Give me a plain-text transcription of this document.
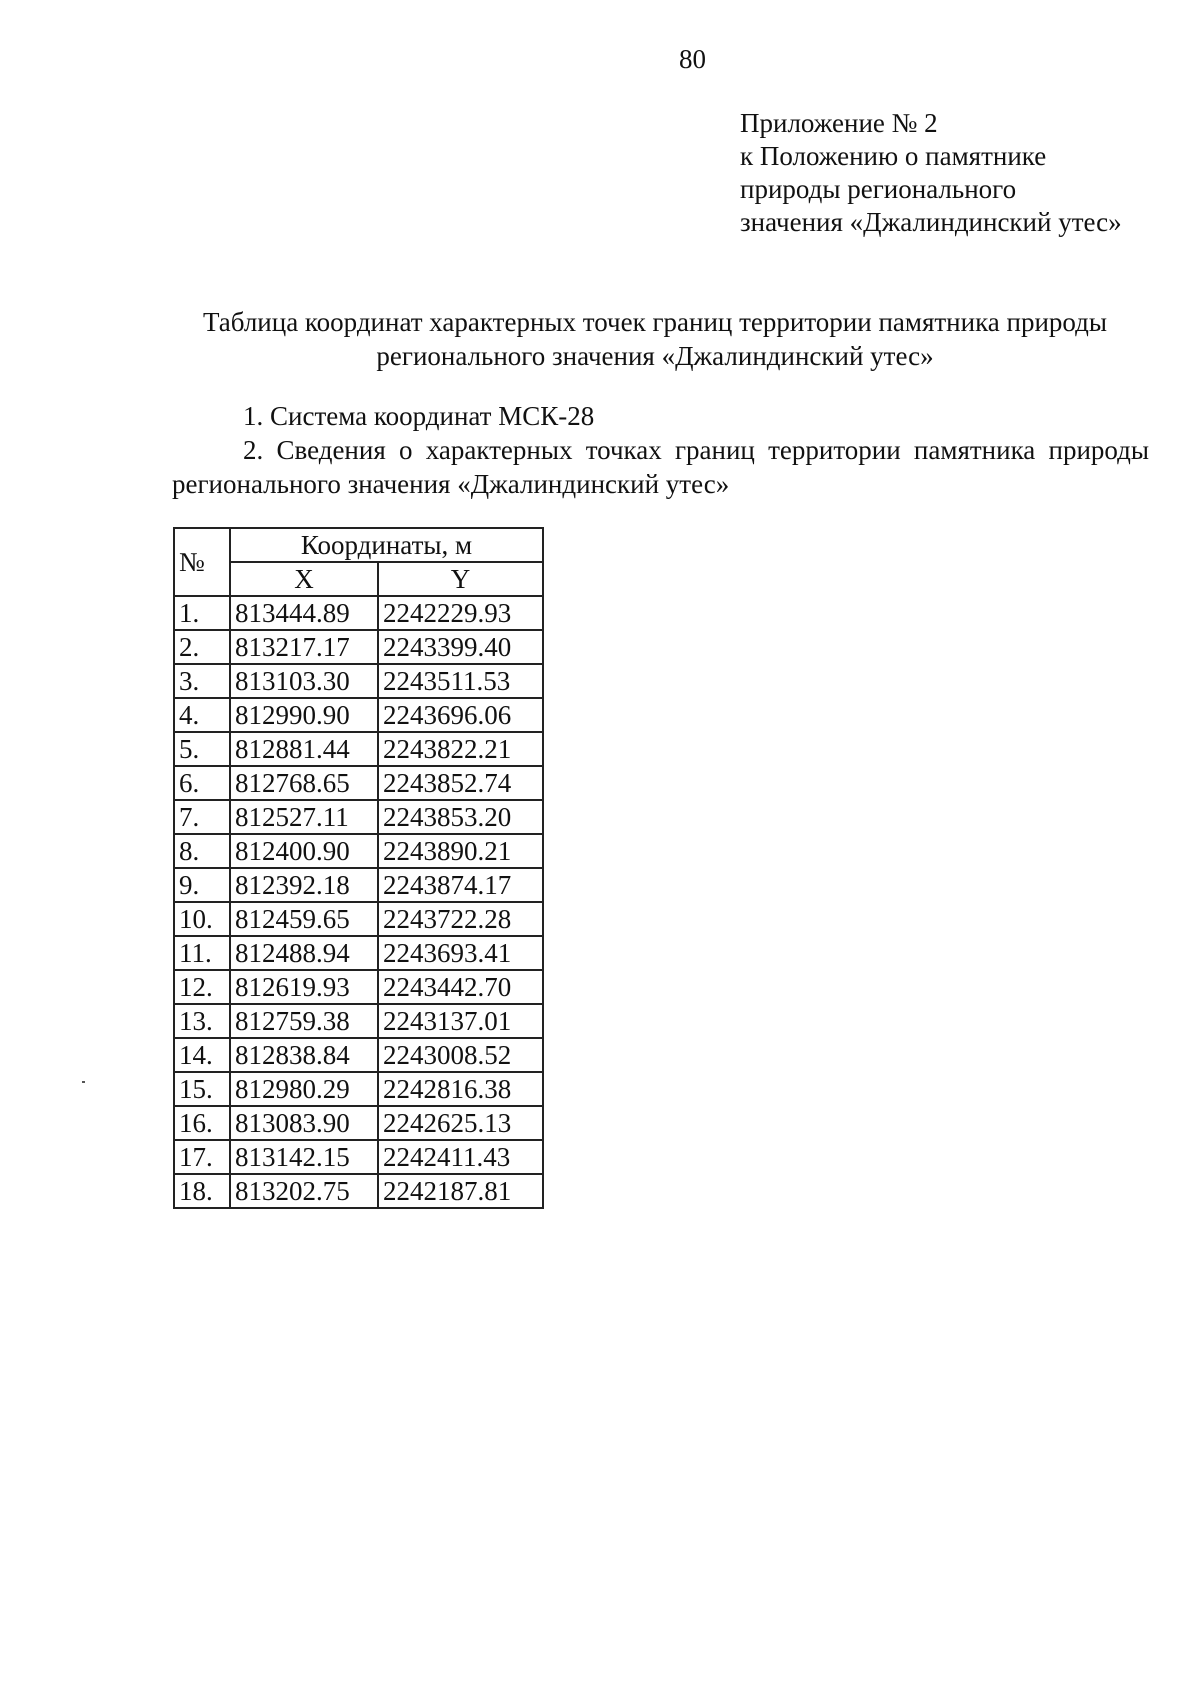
80
Приложение № 2
к Положению о памятнике
природы регионального
значения «Джалиндинский утес»
Таблица координат характерных точек границ территории памятника природы
регионального значения «Джалиндинский утес»
1. Система координат МСК-28
2. Сведения о характерных точках границ территории памятника природы регионального значения «Джалиндинский утес»
№	Координаты, м	
	X	Y
1.	813444.89	2242229.93
2.	813217.17	2243399.40
3.	813103.30	2243511.53
4.	812990.90	2243696.06
5.	812881.44	2243822.21
6.	812768.65	2243852.74
7.	812527.11	2243853.20
8.	812400.90	2243890.21
9.	812392.18	2243874.17
10.	812459.65	2243722.28
11.	812488.94	2243693.41
12.	812619.93	2243442.70
13.	812759.38	2243137.01
14.	812838.84	2243008.52
15.	812980.29	2242816.38
16.	813083.90	2242625.13
17.	813142.15	2242411.43
18.	813202.75	2242187.81
